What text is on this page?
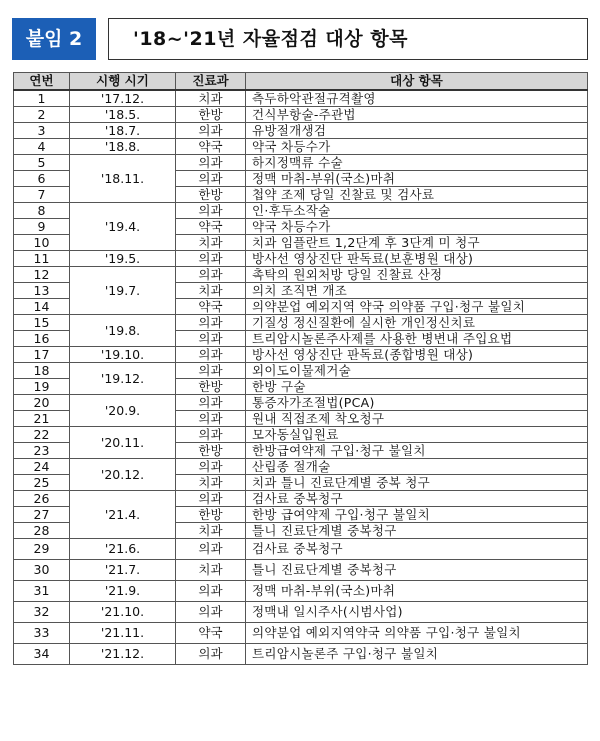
붙임 2	'18~'21년 자율점검 대상 항목
연번	시행 시기	진료과	대상 항목
1	'17.12.	치과	측두하악관절규격촬영
2	'18.5.	한방	건식부항술-주관법
3	'18.7.	의과	유방절개생검
4	'18.8.	약국	약국 차등수가
5	'18.11.	의과	하지정맥류 수술
6		의과	정맥 마취-부위(국소)마취
7		한방	첩약 조제 당일 진찰료 및 검사료
8	'19.4.	의과	인·후두소작술
9		약국	약국 차등수가
10		치과	치과 임플란트 1,2단계 후 3단계 미 청구
11	'19.5.	의과	방사선 영상진단 판독료(보훈병원 대상)
12	'19.7.	의과	촉탁의 원외처방 당일 진찰료 산정
13		치과	의치 조직면 개조
14		약국	의약분업 예외지역 약국 의약품 구입·청구 불일치
15	'19.8.	의과	기질성 정신질환에 실시한 개인정신치료
16		의과	트리암시놀론주사제를 사용한 병변내 주입요법
17	'19.10.	의과	방사선 영상진단 판독료(종합병원 대상)
18	'19.12.	의과	외이도이물제거술
19		한방	한방 구술
20	'20.9.	의과	통증자가조절법(PCA)
21		의과	원내 직접조제 착오청구
22	'20.11.	의과	모자동실입원료
23		한방	한방급여약제 구입·청구 불일치
24	'20.12.	의과	산립종 절개술
25		치과	치과 틀니 진료단계별 중복 청구
26	'21.4.	의과	검사료 중복청구
27		한방	한방 급여약제 구입·청구 불일치
28		치과	틀니 진료단계별 중복청구
29	'21.6.	의과	검사료 중복청구
30	'21.7.	치과	틀니 진료단계별 중복청구
31	'21.9.	의과	정맥 마취-부위(국소)마취
32	'21.10.	의과	정맥내 일시주사(시범사업)
33	'21.11.	약국	의약분업 예외지역약국 의약품 구입·청구 불일치
34	'21.12.	의과	트리암시놀론주 구입·청구 불일치
